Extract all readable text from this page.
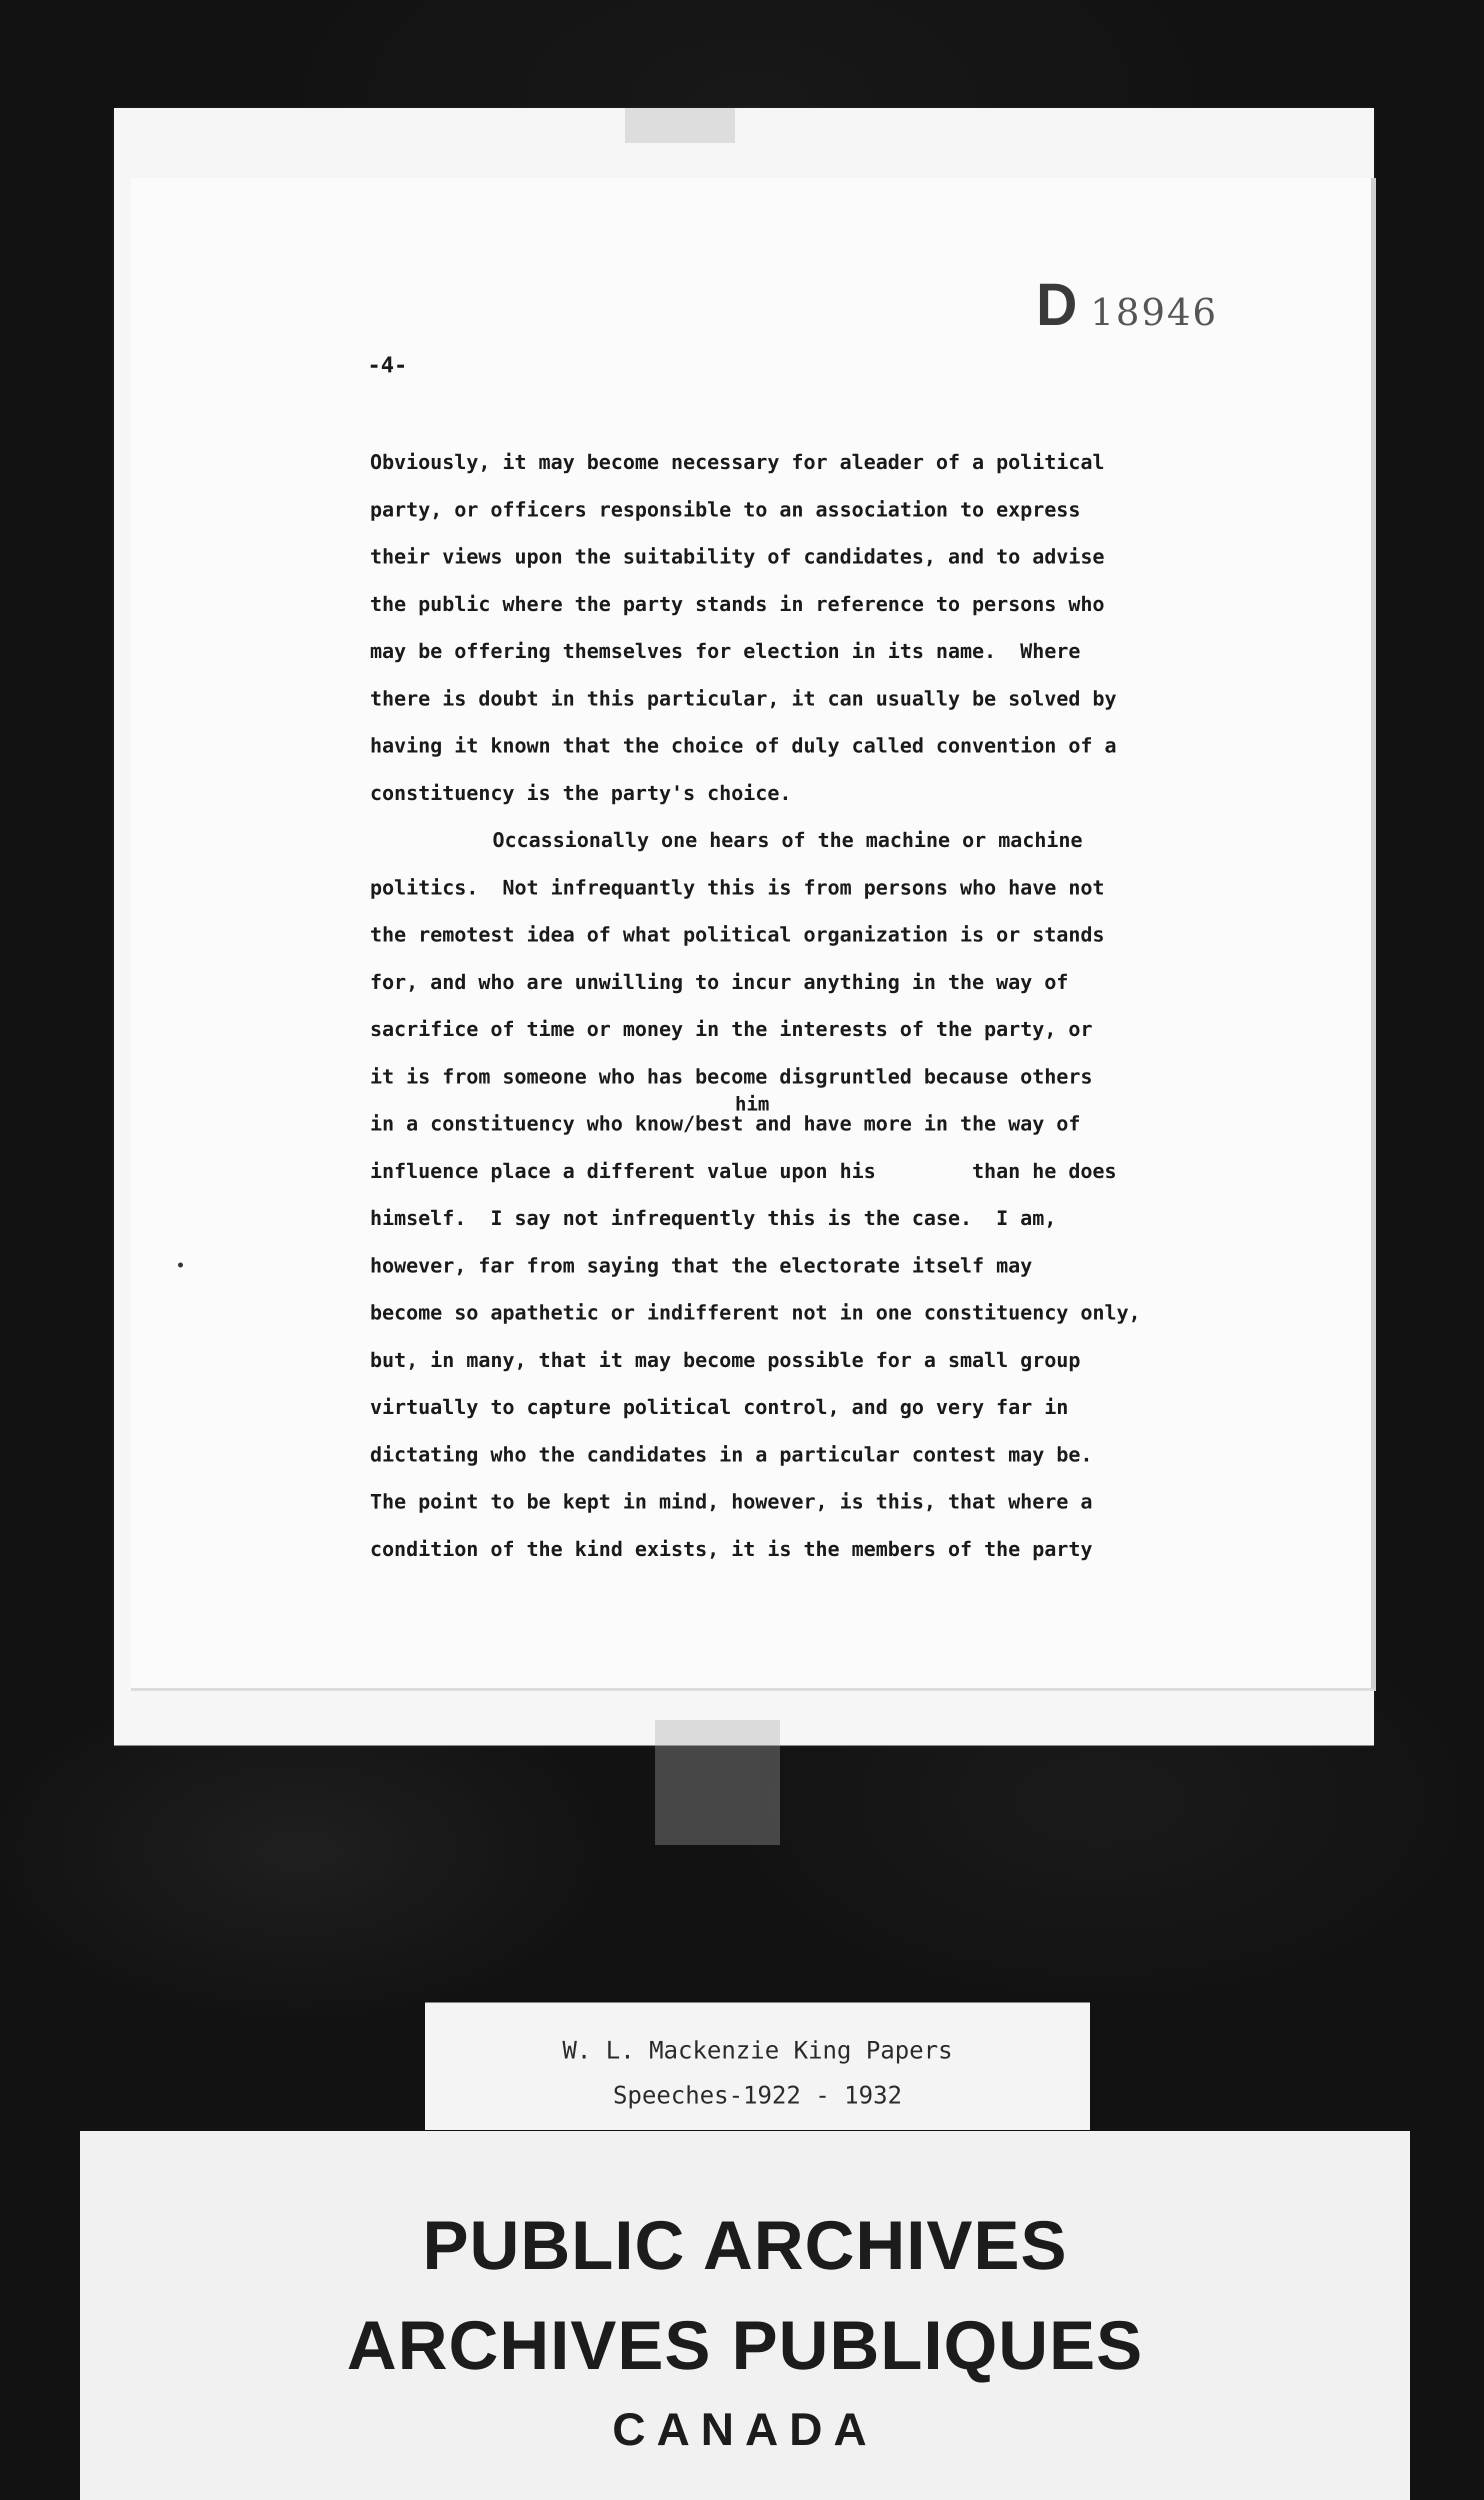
D 18946
-4-
him
Obviously, it may become necessary for aleader of a political
party, or officers responsible to an association to express
their views upon the suitability of candidates, and to advise
the public where the party stands in reference to persons who
may be offering themselves for election in its name.  Where
there is doubt in this particular, it can usually be solved by
having it known that the choice of duly called convention of a
constituency is the party's choice.
Occassionally one hears of the machine or machine
politics.  Not infrequantly this is from persons who have not
the remotest idea of what political organization is or stands
for, and who are unwilling to incur anything in the way of
sacrifice of time or money in the interests of the party, or
it is from someone who has become disgruntled because others
in a constituency who know/best and have more in the way of
influence place a different value upon his        than he does
himself.  I say not infrequently this is the case.  I am,
however, far from saying that the electorate itself may
become so apathetic or indifferent not in one constituency only,
but, in many, that it may become possible for a small group
virtually to capture political control, and go very far in
dictating who the candidates in a particular contest may be.
The point to be kept in mind, however, is this, that where a
condition of the kind exists, it is the members of the party
W. L. Mackenzie King Papers
Speeches-1922 - 1932
PUBLIC ARCHIVES
ARCHIVES PUBLIQUES
CANADA
